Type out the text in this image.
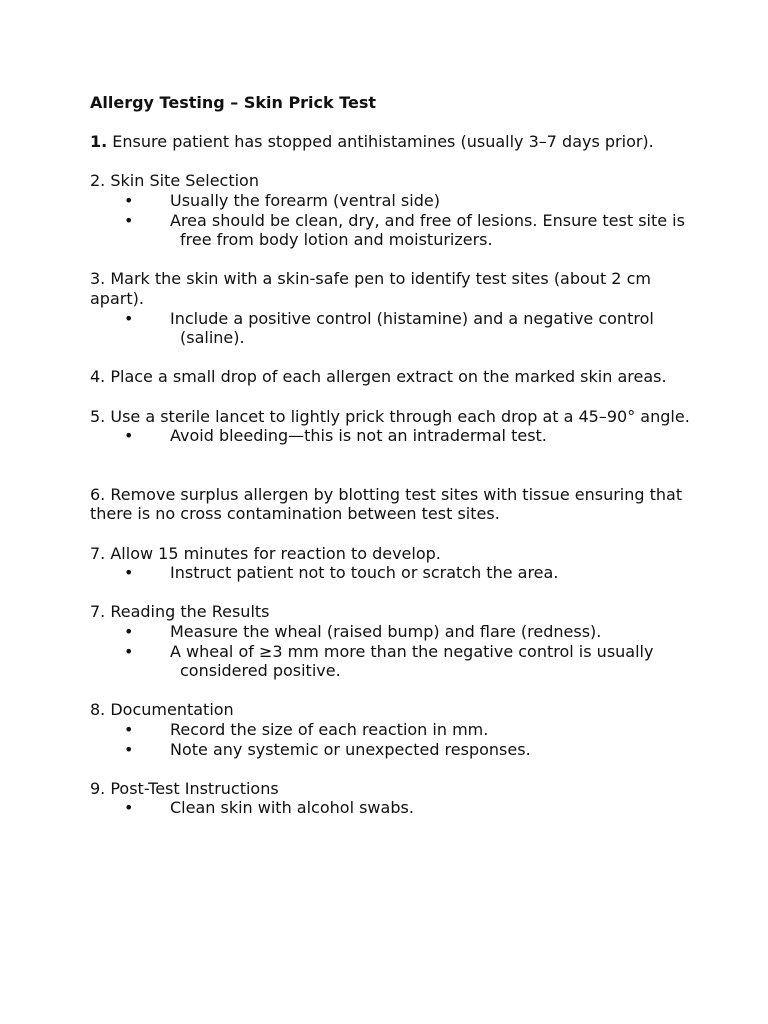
Allergy Testing – Skin Prick Test
1. Ensure patient has stopped antihistamines (usually 3–7 days prior).
2. Skin Site Selection

• Usually the forearm (ventral side)

• Area should be clean, dry, and free of lesions. Ensure test site is free from body lotion and moisturizers.

3. Mark the skin with a skin-safe pen to identify test sites (about 2 cm apart).

• Include a positive control (histamine) and a negative control (saline).

4. Place a small drop of each allergen extract on the marked skin areas.
5. Use a sterile lancet to lightly prick through each drop at a 45–90° angle.

• Avoid bleeding—this is not an intradermal test.

6. Remove surplus allergen by blotting test sites with tissue ensuring that there is no cross contamination between test sites.
7. Allow 15 minutes for reaction to develop.

• Instruct patient not to touch or scratch the area.

7. Reading the Results

• Measure the wheal (raised bump) and flare (redness).

• A wheal of ≥3 mm more than the negative control is usually considered positive.

8. Documentation

• Record the size of each reaction in mm.

• Note any systemic or unexpected responses.

9. Post-Test Instructions

• Clean skin with alcohol swabs.
